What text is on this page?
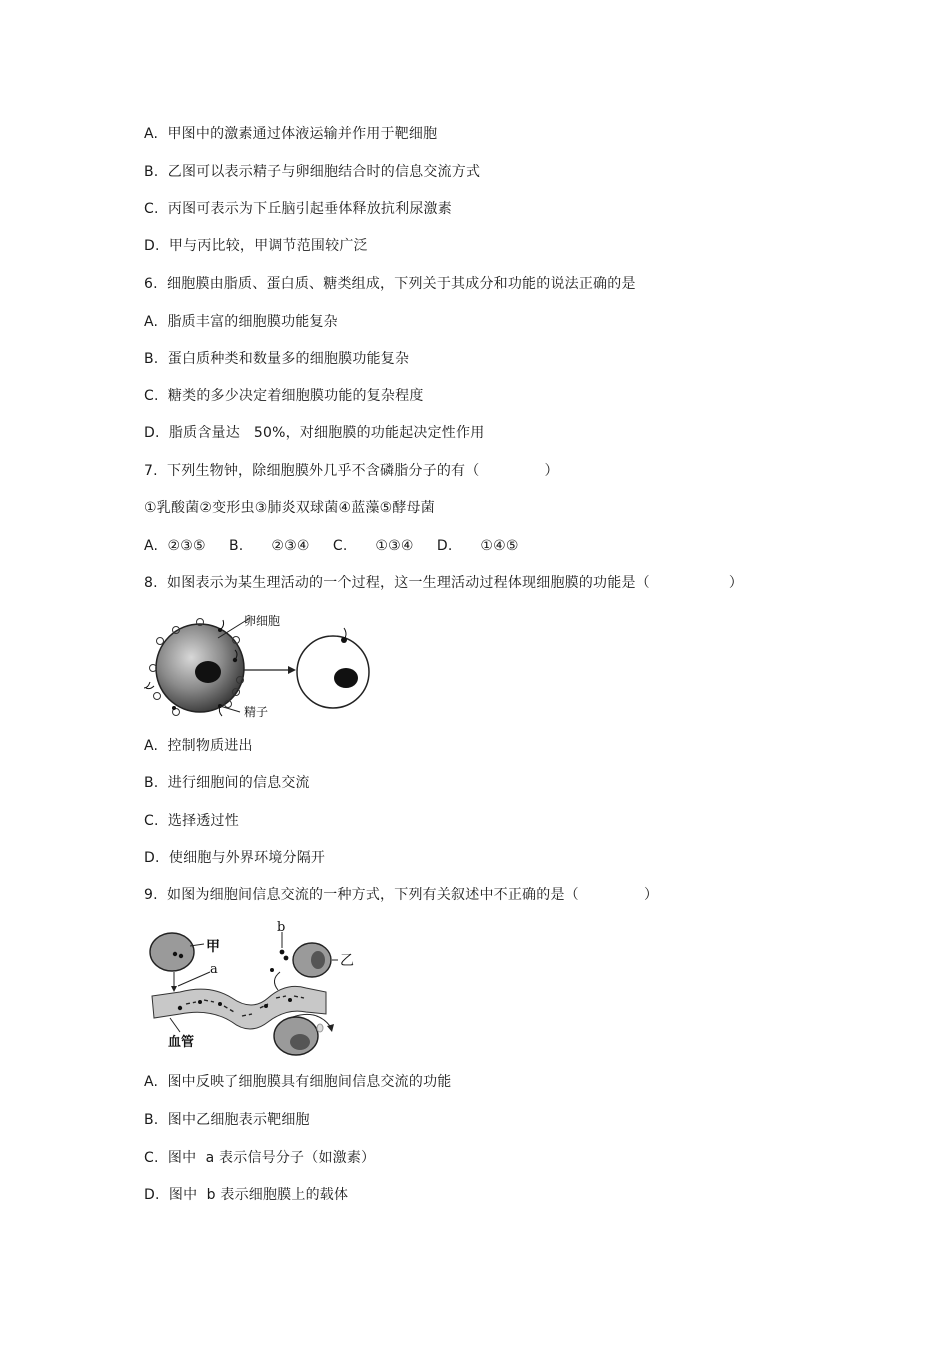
A.  甲图中的激素通过体液运输并作用于靶细胞
B.  乙图可以表示精子与卵细胞结合时的信息交流方式
C.  丙图可表示为下丘脑引起垂体释放抗利尿激素
D.  甲与丙比较，甲调节范围较广泛
6.  细胞膜由脂质、蛋白质、糖类组成，下列关于其成分和功能的说法正确的是
A.  脂质丰富的细胞膜功能复杂
B.  蛋白质种类和数量多的细胞膜功能复杂
C.  糖类的多少决定着细胞膜功能的复杂程度
D.  脂质含量达   50%，对细胞膜的功能起决定性作用
7.  下列生物钟，除细胞膜外几乎不含磷脂分子的有（              ）
①乳酸菌②变形虫③肺炎双球菌④蓝藻⑤酵母菌
A.  ②③⑤     B.      ②③④     C.      ①③④     D.      ①④⑤
8.  如图表示为某生理活动的一个过程，这一生理活动过程体现细胞膜的功能是（                 ）
卵细胞
精子
A.  控制物质进出
B.  进行细胞间的信息交流
C.  选择透过性
D.  使细胞与外界环境分隔开
9.  如图为细胞间信息交流的一种方式，下列有关叙述中不正确的是（              ）
甲
a
b
乙
血管
A.  图中反映了细胞膜具有细胞间信息交流的功能
B.  图中乙细胞表示靶细胞
C.  图中  a 表示信号分子（如激素）
D.  图中  b 表示细胞膜上的载体
